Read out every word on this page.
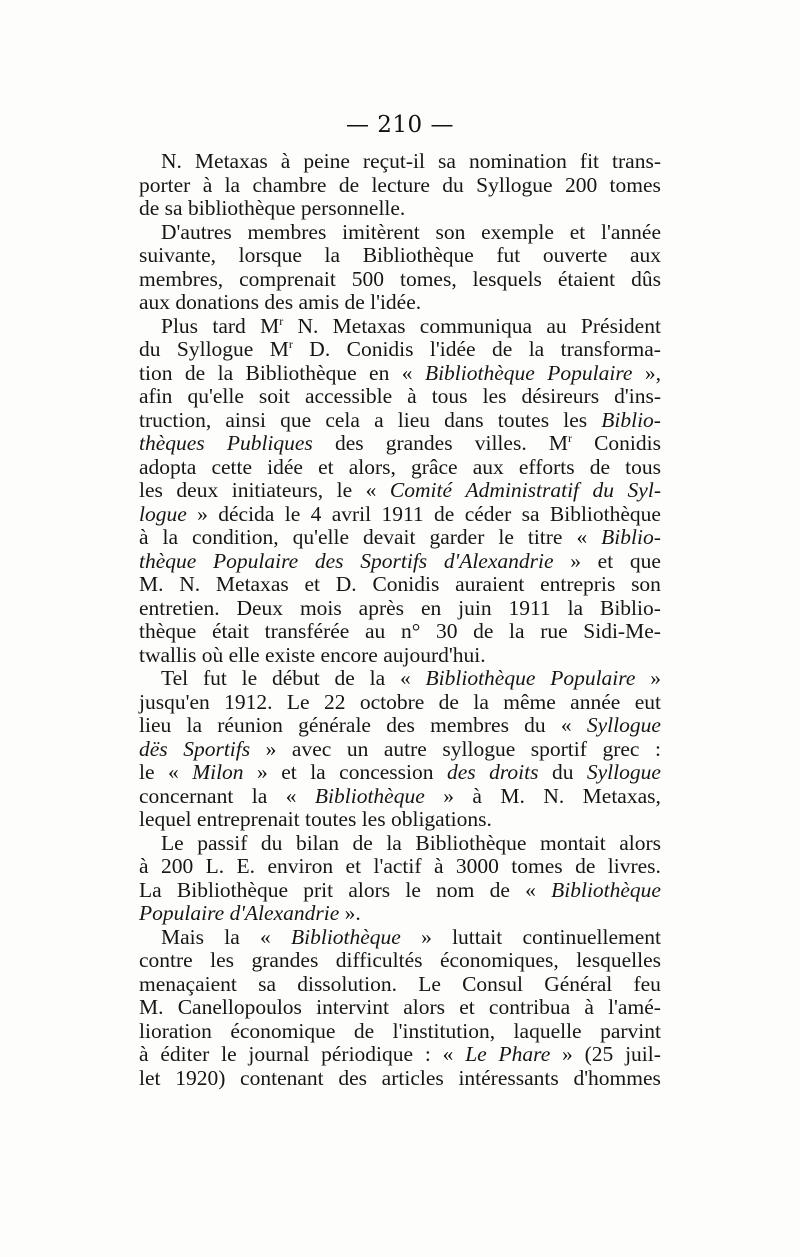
— 210 —
N. Metaxas à peine reçut-il sa nomination fit trans-
porter à la chambre de lecture du Syllogue 200 tomes
de sa bibliothèque personnelle.
D'autres membres imitèrent son exemple et l'année
suivante, lorsque la Bibliothèque fut ouverte aux
membres, comprenait 500 tomes, lesquels étaient dûs
aux donations des amis de l'idée.
Plus tard $M^r$ N. Metaxas communiqua au Président
du Syllogue $M^r$ D. Conidis l'idée de la transforma-
tion de la Bibliothèque en « Bibliothèque Populaire »,
afin qu'elle soit accessible à tous les désireurs d'ins-
truction, ainsi que cela a lieu dans toutes les Biblio-
thèques Publiques des grandes villes. $M^r$ Conidis
adopta cette idée et alors, grâce aux efforts de tous
les deux initiateurs, le « Comité Administratif du Syl-
logue » décida le 4 avril 1911 de céder sa Bibliothèque
à la condition, qu'elle devait garder le titre « Biblio-
thèque Populaire des Sportifs d'Alexandrie » et que
M. N. Metaxas et D. Conidis auraient entrepris son
entretien. Deux mois après en juin 1911 la Biblio-
thèque était transférée au n° 30 de la rue Sidi-Me-
twallis où elle existe encore aujourd'hui.
Tel fut le début de la « Bibliothèque Populaire »
jusqu'en 1912. Le 22 octobre de la même année eut
lieu la réunion générale des membres du « Syllogue
dës Sportifs » avec un autre syllogue sportif grec :
le « Milon » et la concession des droits du Syllogue
concernant la « Bibliothèque » à M. N. Metaxas,
lequel entreprenait toutes les obligations.
Le passif du bilan de la Bibliothèque montait alors
à 200 L. E. environ et l'actif à 3000 tomes de livres.
La Bibliothèque prit alors le nom de « Bibliothèque
Populaire d'Alexandrie ».
Mais la « Bibliothèque » luttait continuellement
contre les grandes difficultés économiques, lesquelles
menaçaient sa dissolution. Le Consul Général feu
M. Canellopoulos intervint alors et contribua à l'amé-
lioration économique de l'institution, laquelle parvint
à éditer le journal périodique : « Le Phare » (25 juil-
let 1920) contenant des articles intéressants d'hommes
